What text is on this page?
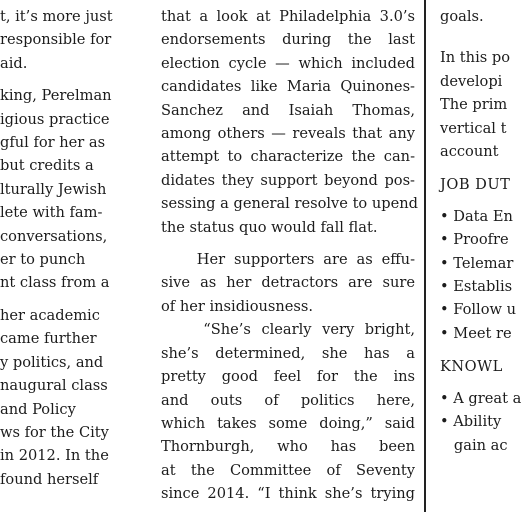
t, it’s more just

responsible for

aid.

king, Perelman

igious practice

gful for her as

but credits a

lturally Jewish

lete with fam-

conversations,

er to punch

nt class from a

her academic

came further

y politics, and

naugural class

and Policy

ws for the City

in 2012. In the

found herself

that a look at Philadelphia 3.0’s
endorsements during the last
election cycle — which included
candidates like Maria Quinones-
Sanchez and Isaiah Thomas,
among others — reveals that any
attempt to characterize the can-
didates they support beyond pos-
sessing a general resolve to upend
the status quo would fall flat.
Her supporters are as effu-
sive as her detractors are sure
of her insidiousness.
“She’s clearly very bright,
she’s determined, she has a
pretty good feel for the ins
and outs of politics here,
which takes some doing,” said
Thornburgh, who has been
at the Committee of Seventy
since 2014. “I think she’s trying
goals.
In this po
developi
The prim
vertical t
account
JOB DUT
• Data En
• Proofre
• Telemar
• Establis
• Follow u
• Meet re
KNOWL
• A great a
• Ability
gain ac
